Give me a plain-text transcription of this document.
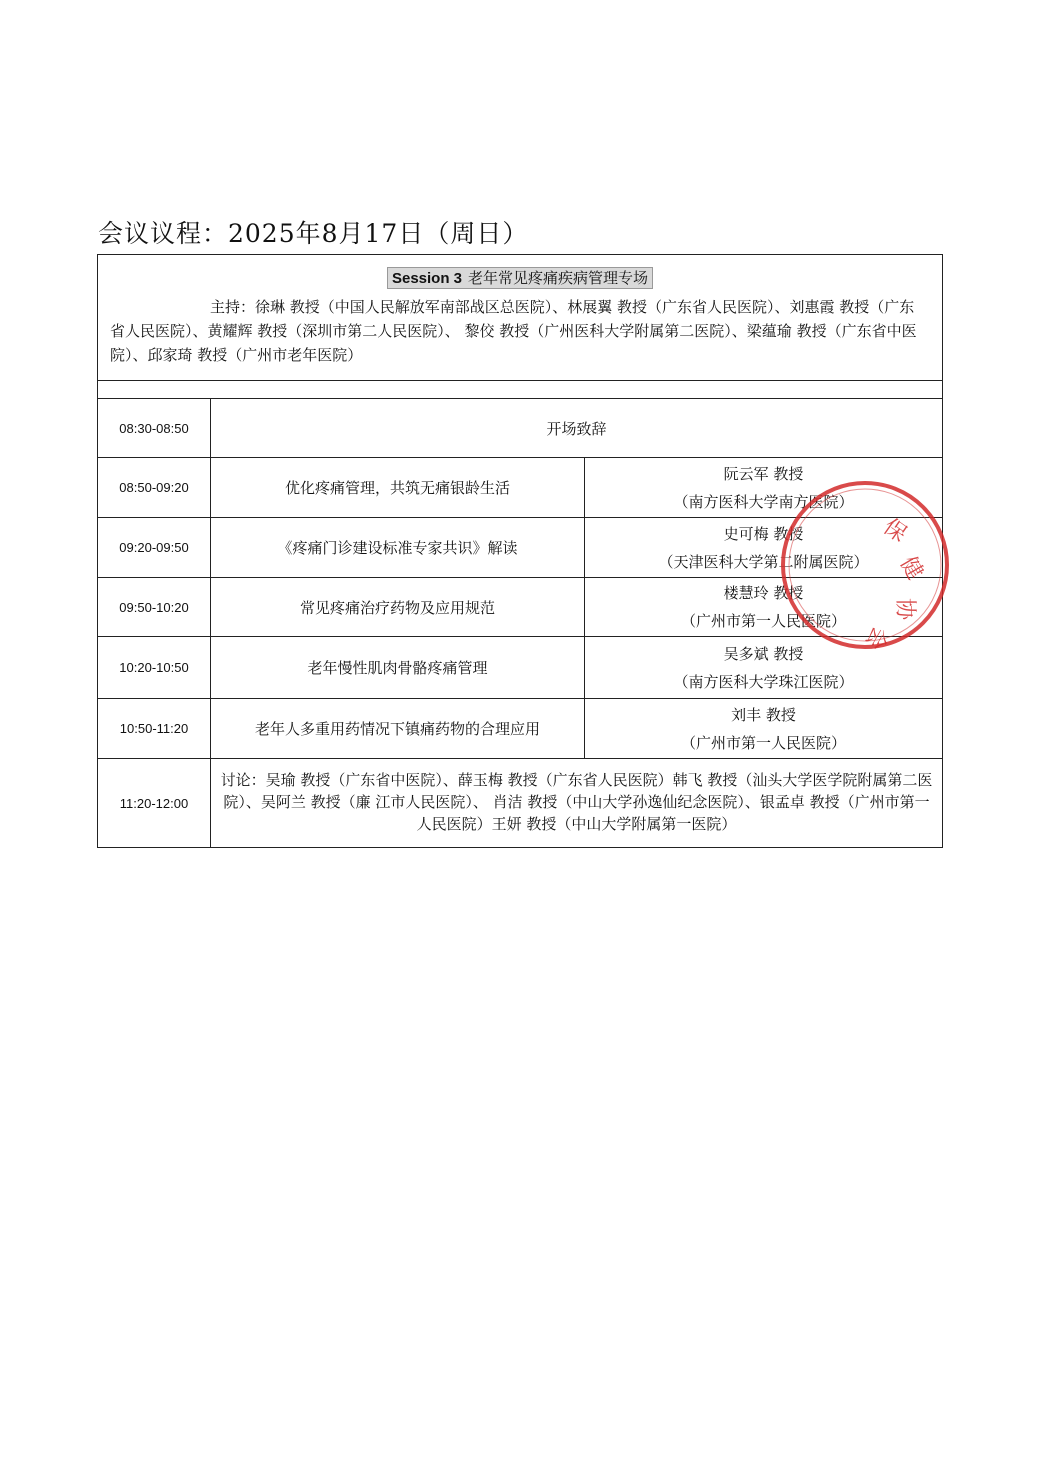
会议议程：2025年8月17日（周日）
Session 3 老年常见疼痛疾病管理专场
主持：徐琳 教授（中国人民解放军南部战区总医院）、林展翼 教授（广东省人民医院）、刘惠霞 教授（广东省人民医院）、黄耀辉 教授（深圳市第二人民医院）、 黎佼 教授（广州医科大学附属第二医院）、梁蕴瑜 教授（广东省中医院）、邱家琦 教授（广州市老年医院）
08:30-08:50	开场致辞
08:50-09:20	优化疼痛管理，共筑无痛银龄生活
阮云军 教授
（南方医科大学南方医院）
09:20-09:50	《疼痛门诊建设标准专家共识》解读
史可梅 教授
（天津医科大学第二附属医院）
09:50-10:20	常见疼痛治疗药物及应用规范
楼慧玲 教授
（广州市第一人民医院）
10:20-10:50	老年慢性肌肉骨骼疼痛管理
吴多斌 教授
（南方医科大学珠江医院）
10:50-11:20	老年人多重用药情况下镇痛药物的合理应用
刘丰 教授
（广州市第一人民医院）
11:20-12:00
讨论：吴瑜 教授（广东省中医院）、薛玉梅 教授（广东省人民医院）韩飞 教授（汕头大学医学院附属第二医院）、吴阿兰 教授（廉 江市人民医院）、 肖洁 教授（中山大学孙逸仙纪念医院）、银孟卓 教授（广州市第一人民医院）王妍 教授（中山大学附属第一医院）
保
健
协
会
